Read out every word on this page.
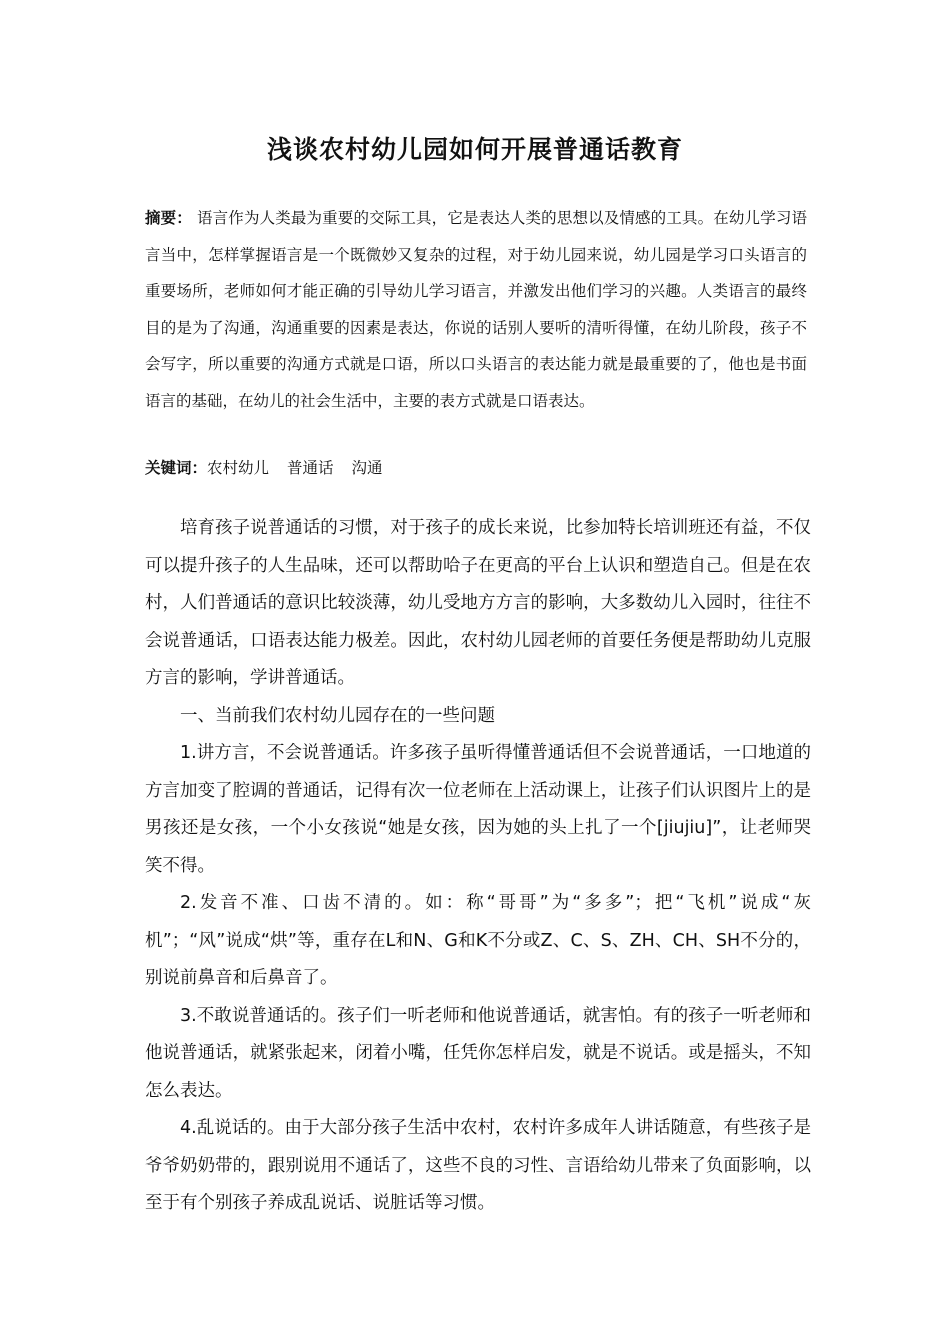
浅谈农村幼儿园如何开展普通话教育
摘要： 语言作为人类最为重要的交际工具，它是表达人类的思想以及情感的工具。在幼儿学习语言当中，怎样掌握语言是一个既微妙又复杂的过程，对于幼儿园来说，幼儿园是学习口头语言的重要场所，老师如何才能正确的引导幼儿学习语言，并激发出他们学习的兴趣。人类语言的最终目的是为了沟通，沟通重要的因素是表达，你说的话别人要听的清听得懂，在幼儿阶段，孩子不会写字，所以重要的沟通方式就是口语，所以口头语言的表达能力就是最重要的了，他也是书面语言的基础，在幼儿的社会生活中，主要的表方式就是口语表达。
关键词：农村幼儿 普通话 沟通

培育孩子说普通话的习惯，对于孩子的成长来说，比参加特长培训班还有益，不仅可以提升孩子的人生品味，还可以帮助哈子在更高的平台上认识和塑造自己。但是在农村，人们普通话的意识比较淡薄，幼儿受地方方言的影响，大多数幼儿入园时，往往不会说普通话，口语表达能力极差。因此，农村幼儿园老师的首要任务便是帮助幼儿克服方言的影响，学讲普通话。

一、当前我们农村幼儿园存在的一些问题

1.讲方言，不会说普通话。许多孩子虽听得懂普通话但不会说普通话，一口地道的方言加变了腔调的普通话，记得有次一位老师在上活动课上，让孩子们认识图片上的是男孩还是女孩，一个小女孩说“她是女孩，因为她的头上扎了一个[jiujiu]”，让老师哭笑不得。

2.发音不准、口齿不清的。如：称“哥哥”为“多多”；把“飞机”说成“灰机”；“风”说成“烘”等，重存在L和N、G和K不分或Z、C、S、ZH、CH、SH不分的，别说前鼻音和后鼻音了。

3.不敢说普通话的。孩子们一听老师和他说普通话，就害怕。有的孩子一听老师和他说普通话，就紧张起来，闭着小嘴，任凭你怎样启发，就是不说话。或是摇头，不知怎么表达。

4.乱说话的。由于大部分孩子生活中农村，农村许多成年人讲话随意，有些孩子是爷爷奶奶带的，跟别说用不通话了，这些不良的习性、言语给幼儿带来了负面影响，以至于有个别孩子养成乱说话、说脏话等习惯。
